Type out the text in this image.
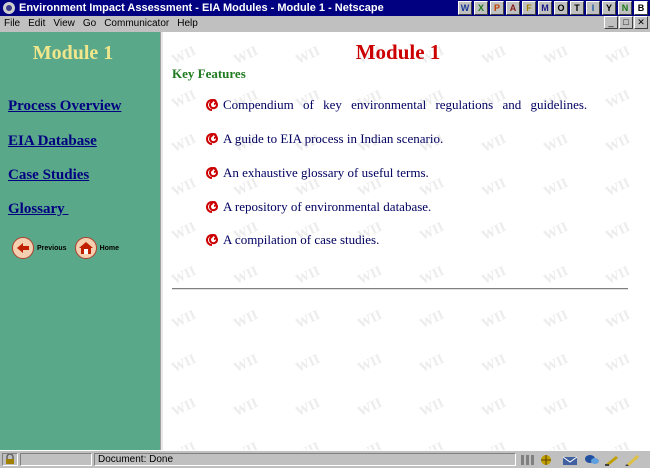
Environment Impact Assessment - EIA Modules - Module 1 - Netscape	W X	P	A	F	M O	T	I	Y	N	B
File Edit View Go Communicator Help	_	□ ✕
Module 1
Process Overview
EIA Database
Case Studies
Glossary
Previous	Home
Module 1
Key Features
Compendium of key environmental regulations and guidelines.
A guide to EIA process in Indian scenario.
An exhaustive glossary of useful terms.
A repository of environmental database.
A compilation of case studies.
Document: Done
